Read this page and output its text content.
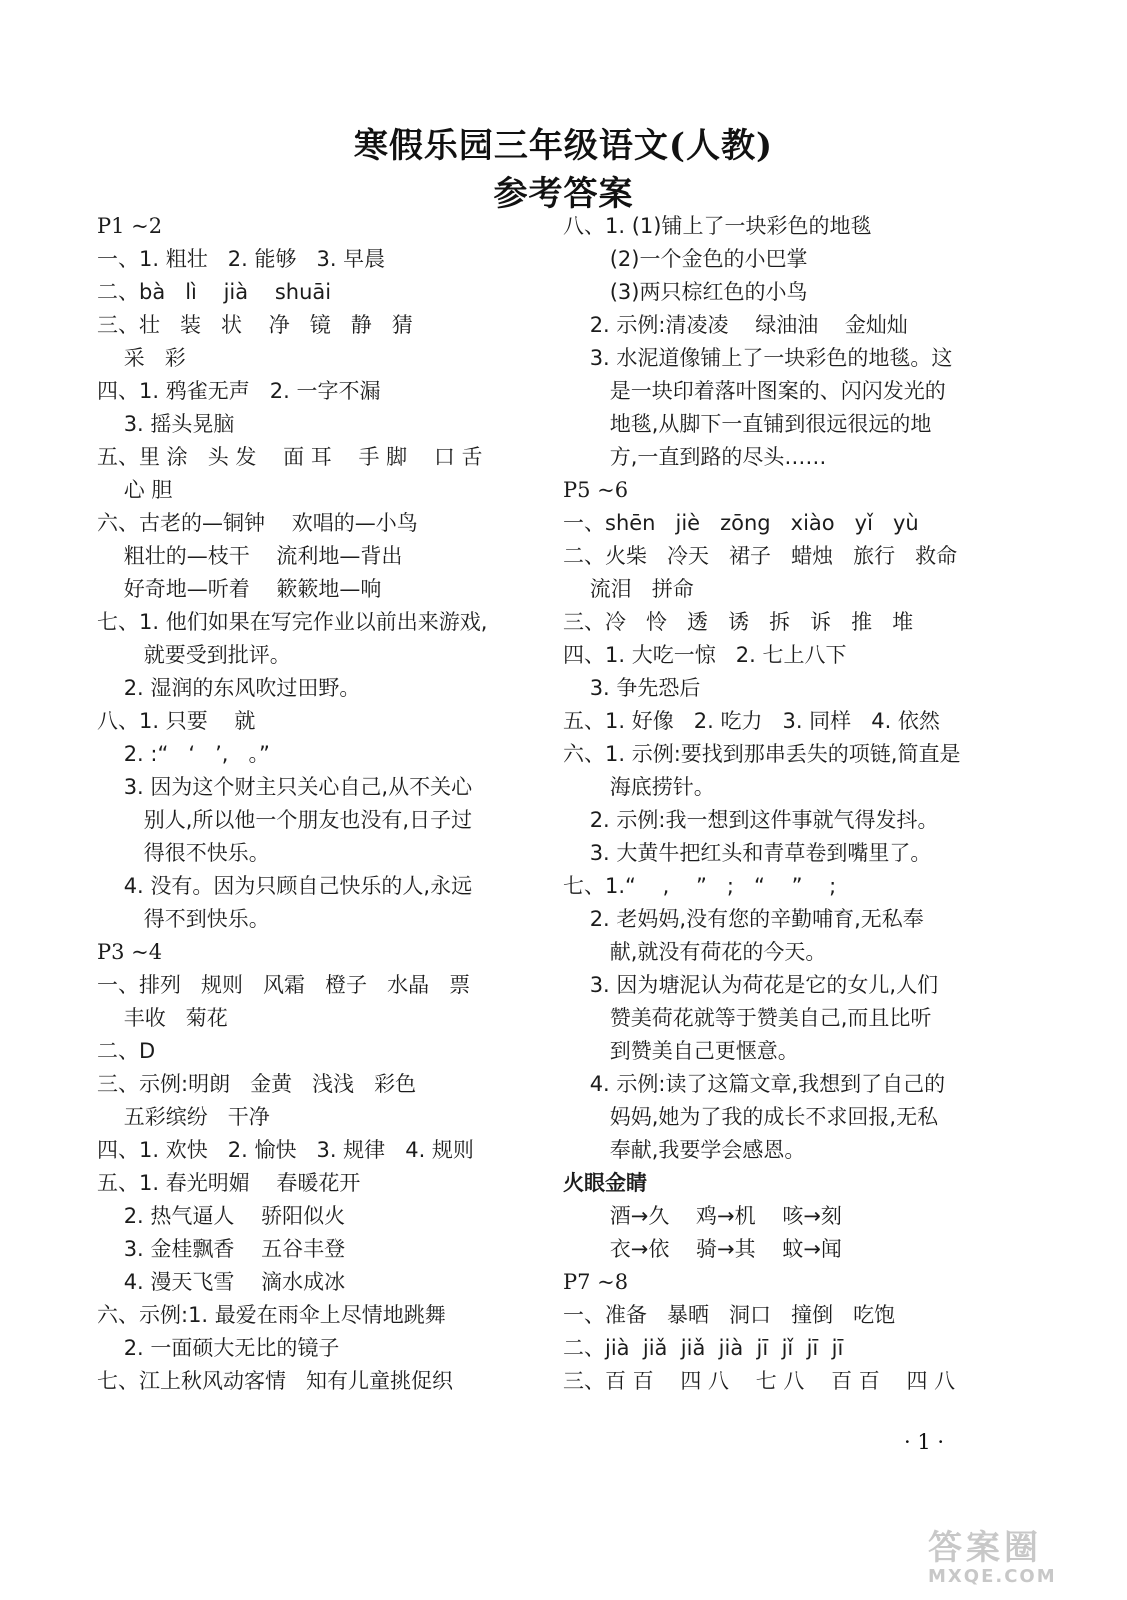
寒假乐园三年级语文(人教)
参考答案
P1 ~2
一、1. 粗壮   2. 能够   3. 早晨
二、bà   lì    jià    shuāi
三、壮   装   状    净   镜   静   猜
采   彩
四、1. 鸦雀无声   2. 一字不漏
3. 摇头晃脑
五、里 涂   头 发    面 耳    手 脚    口 舌
心 胆
六、古老的—铜钟    欢唱的—小鸟
粗壮的—枝干    流利地—背出
好奇地—听着    簌簌地—响
七、1. 他们如果在写完作业以前出来游戏,
就要受到批评。
2. 湿润的东风吹过田野。
八、1. 只要    就
2. :“   ‘   ’,   。”
3. 因为这个财主只关心自己,从不关心
别人,所以他一个朋友也没有,日子过
得很不快乐。
4. 没有。因为只顾自己快乐的人,永远
得不到快乐。
P3 ~4
一、排列   规则   风霜   橙子   水晶   票
丰收   菊花
二、D
三、示例:明朗   金黄   浅浅   彩色
五彩缤纷   干净
四、1. 欢快   2. 愉快   3. 规律   4. 规则
五、1. 春光明媚    春暖花开
2. 热气逼人    骄阳似火
3. 金桂飘香    五谷丰登
4. 漫天飞雪    滴水成冰
六、示例:1. 最爱在雨伞上尽情地跳舞
2. 一面硕大无比的镜子
七、江上秋风动客情   知有儿童挑促织
八、1. (1)铺上了一块彩色的地毯
(2)一个金色的小巴掌
(3)两只棕红色的小鸟
2. 示例:清凌凌    绿油油    金灿灿
3. 水泥道像铺上了一块彩色的地毯。这
是一块印着落叶图案的、闪闪发光的
地毯,从脚下一直铺到很远很远的地
方,一直到路的尽头……
P5 ~6
一、shēn   jiè   zōng   xiào   yǐ   yù
二、火柴   冷天   裙子   蜡烛   旅行   救命
流泪   拼命
三、冷   怜   透   诱   拆   诉   推   堆
四、1. 大吃一惊   2. 七上八下
3. 争先恐后
五、1. 好像   2. 吃力   3. 同样   4. 依然
六、1. 示例:要找到那串丢失的项链,简直是
海底捞针。
2. 示例:我一想到这件事就气得发抖。
3. 大黄牛把红头和青草卷到嘴里了。
七、1.“    ,    ”   ;   “    ”    ;
2. 老妈妈,没有您的辛勤哺育,无私奉
献,就没有荷花的今天。
3. 因为塘泥认为荷花是它的女儿,人们
赞美荷花就等于赞美自己,而且比听
到赞美自己更惬意。
4. 示例:读了这篇文章,我想到了自己的
妈妈,她为了我的成长不求回报,无私
奉献,我要学会感恩。
火眼金睛
酒→久    鸡→机    咳→刻
衣→依    骑→其    蚊→闻
P7 ~8
一、准备   暴晒   洞口   撞倒   吃饱
二、jià  jiǎ  jiǎ  jià  jī  jǐ  jī  jī
三、百 百    四 八    七 八    百 百    四 八
· 1 ·
答案圈
MXQE.COM
